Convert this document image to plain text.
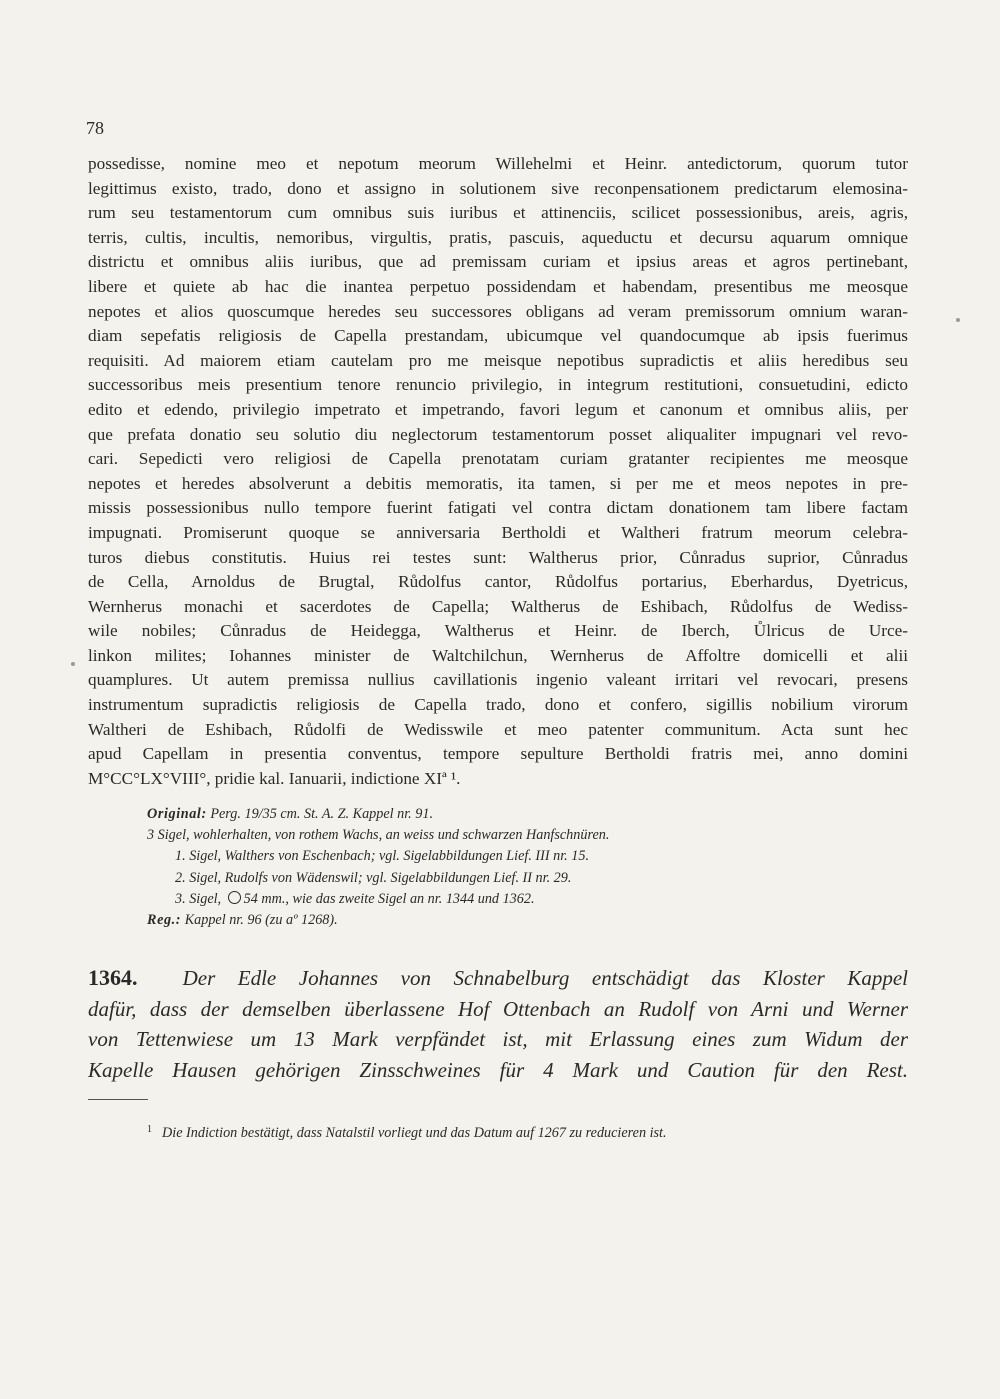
78
possedisse, nomine meo et nepotum meorum Willehelmi et Heinr. antedictorum, quorum tutor
legittimus existo, trado, dono et assigno in solutionem sive reconpensationem predictarum elemosina-
rum seu testamentorum cum omnibus suis iuribus et attinenciis, scilicet possessionibus, areis, agris,
terris, cultis, incultis, nemoribus, virgultis, pratis, pascuis, aqueductu et decursu aquarum omnique
districtu et omnibus aliis iuribus, que ad premissam curiam et ipsius areas et agros pertinebant,
libere et quiete ab hac die inantea perpetuo possidendam et habendam, presentibus me meosque
nepotes et alios quoscumque heredes seu successores obligans ad veram premissorum omnium waran-
diam sepefatis religiosis de Capella prestandam, ubicumque vel quandocumque ab ipsis fuerimus
requisiti. Ad maiorem etiam cautelam pro me meisque nepotibus supradictis et aliis heredibus seu
successoribus meis presentium tenore renuncio privilegio, in integrum restitutioni, consuetudini, edicto
edito et edendo, privilegio impetrato et impetrando, favori legum et canonum et omnibus aliis, per
que prefata donatio seu solutio diu neglectorum testamentorum posset aliqualiter impugnari vel revo-
cari. Sepedicti vero religiosi de Capella prenotatam curiam gratanter recipientes me meosque
nepotes et heredes absolverunt a debitis memoratis, ita tamen, si per me et meos nepotes in pre-
missis possessionibus nullo tempore fuerint fatigati vel contra dictam donationem tam libere factam
impugnati. Promiserunt quoque se anniversaria Bertholdi et Waltheri fratrum meorum celebra-
turos diebus constitutis. Huius rei testes sunt: Waltherus prior, Cůnradus suprior, Cůnradus
de Cella, Arnoldus de Brugtal, Růdolfus cantor, Růdolfus portarius, Eberhardus, Dyetricus,
Wernherus monachi et sacerdotes de Capella; Waltherus de Eshibach, Růdolfus de Wediss-
wile nobiles; Cůnradus de Heidegga, Waltherus et Heinr. de Iberch, Ůlricus de Urce-
linkon milites; Iohannes minister de Waltchilchun, Wernherus de Affoltre domicelli et alii
quamplures. Ut autem premissa nullius cavillationis ingenio valeant irritari vel revocari, presens
instrumentum supradictis religiosis de Capella trado, dono et confero, sigillis nobilium virorum
Waltheri de Eshibach, Růdolfi de Wedisswile et meo patenter communitum. Acta sunt hec
apud Capellam in presentia conventus, tempore sepulture Bertholdi fratris mei, anno domini
M°CC°LX°VIII°, pridie kal. Ianuarii, indictione XIª ¹.
Original: Perg. 19/35 cm. St. A. Z. Kappel nr. 91.
3 Sigel, wohlerhalten, von rothem Wachs, an weiss und schwarzen Hanfschnüren.
1. Sigel, Walthers von Eschenbach; vgl. Sigelabbildungen Lief. III nr. 15.
2. Sigel, Rudolfs von Wädenswil; vgl. Sigelabbildungen Lief. II nr. 29.
3. Sigel, 54 mm., wie das zweite Sigel an nr. 1344 und 1362.
Reg.: Kappel nr. 96 (zu aº 1268).
1364. Der Edle Johannes von Schnabelburg entschädigt das Kloster Kappel
dafür, dass der demselben überlassene Hof Ottenbach an Rudolf von Arni und Werner
von Tettenwiese um 13 Mark verpfändet ist, mit Erlassung eines zum Widum der
Kapelle Hausen gehörigen Zinsschweines für 4 Mark und Caution für den Rest.
$^1$ Die Indiction bestätigt, dass Natalstil vorliegt und das Datum auf 1267 zu reducieren ist.
